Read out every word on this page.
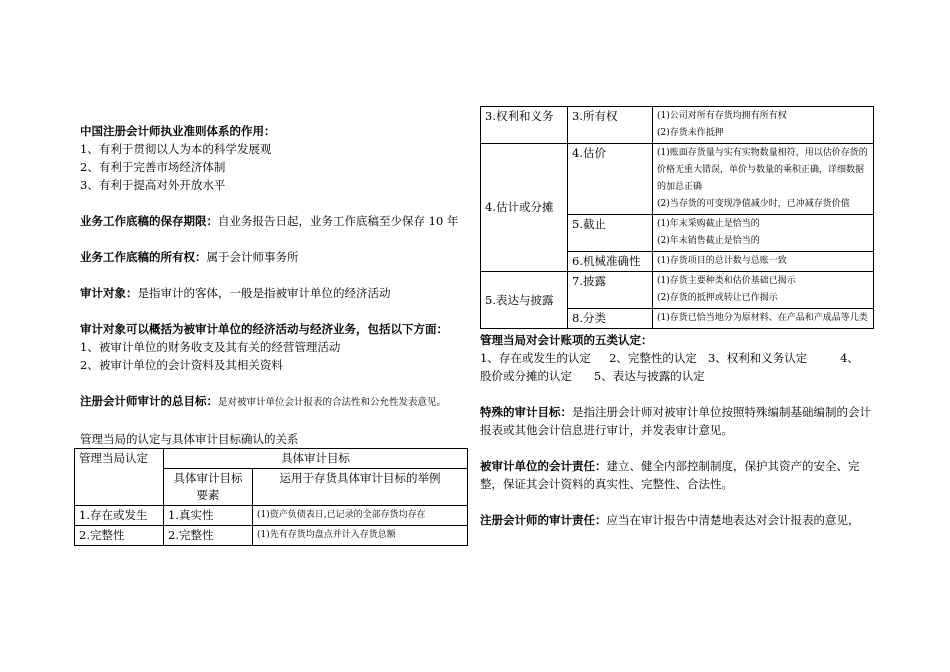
中国注册会计师执业准则体系的作用：

1、有利于贯彻以人为本的科学发展观

2、有利于完善市场经济体制

3、有利于提高对外开放水平

业务工作底稿的保存期限：自业务报告日起，业务工作底稿至少保存 10 年

业务工作底稿的所有权：属于会计师事务所

审计对象：是指审计的客体，一般是指被审计单位的经济活动

审计对象可以概括为被审计单位的经济活动与经济业务，包括以下方面：

1、被审计单位的财务收支及其有关的经营管理活动

2、被审计单位的会计资料及其相关资料

注册会计师审计的总目标：是对被审计单位会计报表的合法性和公允性发表意见。

管理当局的认定与具体审计目标确认的关系

管理当局认定	具体审计目标	
	具体审计目标要素	运用于存货具体审计目标的举例
1.存在或发生	1.真实性	(1)资产负债表日,已记录的全部存货均存在
2.完整性	2.完整性	(1)先有存货均盘点并计入存货总额
3.权利和义务	3.所有权	(1)公司对所有存货均拥有所有权
(2)存货未作抵押

4.估计或分摊	4.估价	(1)账面存货量与实有实物数量相符，用以估价存货的价格无重大错误，单价与数量的乘积正确，详细数据的加总正确
(2)当存货的可变现净值减少时，已冲减存货价值

	5.截止	(1)年末采购截止是恰当的
(2)年末销售截止是恰当的

	6.机械准确性	(1)存货项目的总计数与总账一致
5.表达与披露	7.披露	(1)存货主要种类和估价基础已揭示
(2)存货的抵押或转让已作揭示

	8.分类	(1)存货已恰当地分为原材料、在产品和产成品等几类

管理当局对会计账项的五类认定：

1、存在或发生的认定     2、完整性的认定   3、权利和义务认定         4、

股价或分摊的认定      5、表达与披露的认定

特殊的审计目标：是指注册会计师对被审计单位按照特殊编制基础编制的会计报表或其他会计信息进行审计，并发表审计意见。

被审计单位的会计责任：建立、健全内部控制制度，保护其资产的安全、完整，保证其会计资料的真实性、完整性、合法性。

注册会计师的审计责任：应当在审计报告中清楚地表达对会计报表的意见，
